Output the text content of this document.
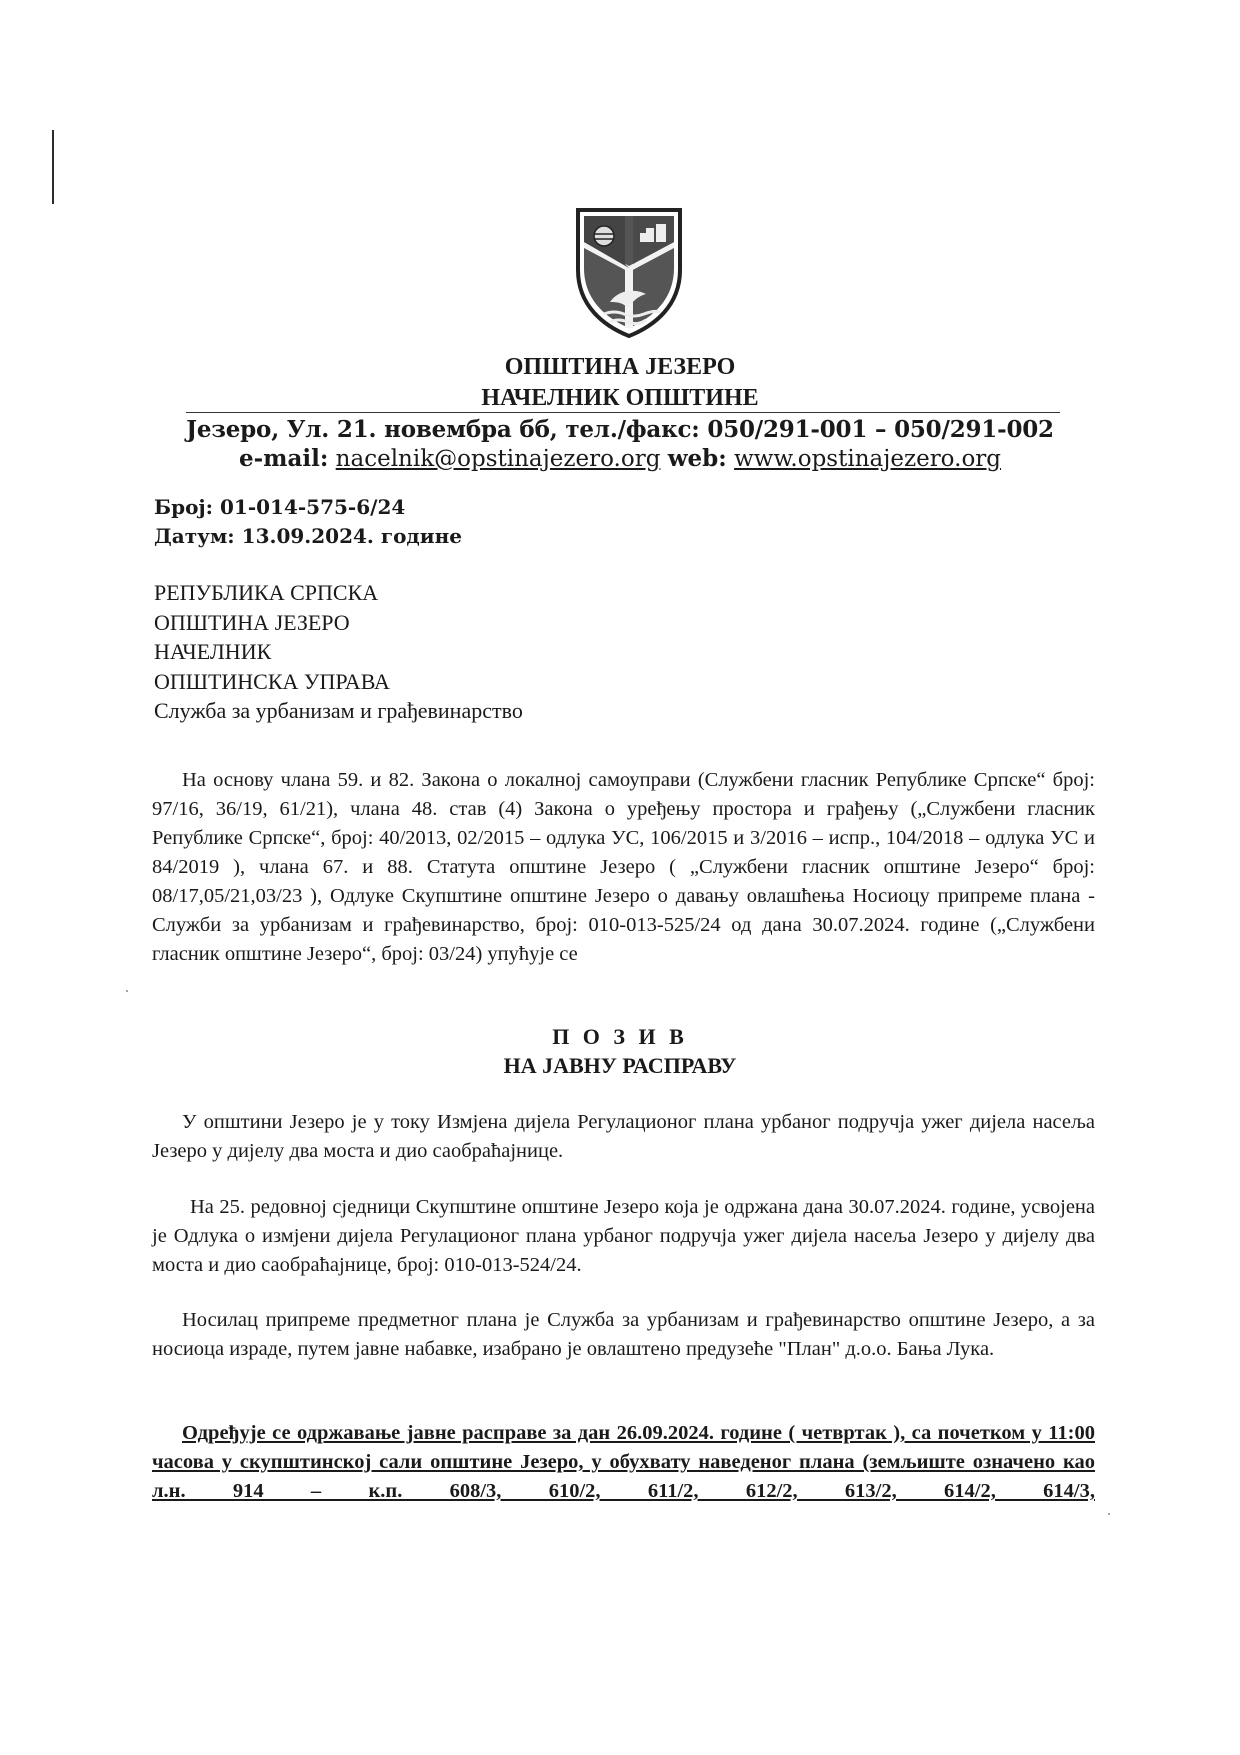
ОПШТИНА ЈЕЗЕРО
НАЧЕЛНИК ОПШТИНЕ
Језеро, Ул. 21. новембра бб, тел./факс: 050/291-001 – 050/291-002
e-mail: nacelnik@opstinajezero.org web: www.opstinajezero.org
Број: 01-014-575-6/24
Датум: 13.09.2024. године
РЕПУБЛИКА СРПСКА
ОПШТИНА ЈЕЗЕРО
НАЧЕЛНИК
ОПШТИНСКА УПРАВА
Служба за урбанизам и грађевинарство
На основу члана 59. и 82. Закона о локалној самоуправи (Службени гласник Републике Српске“ број: 97/16, 36/19, 61/21), члана 48. став (4) Закона о уређењу простора и грађењу („Службени гласник Републике Српске“, број: 40/2013, 02/2015 – одлука УС, 106/2015 и 3/2016 – испр., 104/2018 – одлука УС и 84/2019 ), члана 67. и 88. Статута општине Језеро ( „Службени гласник општине Језеро“ број: 08/17,05/21,03/23 ), Одлуке Скупштине општине Језеро о давању овлашћења Носиоцу припреме плана - Служби за урбанизам и грађевинарство, број: 010-013-525/24 од дана 30.07.2024. године („Службени гласник општине Језеро“, број: 03/24) упућује се
П О З И В
НА ЈАВНУ РАСПРАВУ
У општини Језеро је у току Измјена дијела Регулационог плана урбаног подручја ужег дијела насеља Језеро у дијелу два моста и дио саобраћајнице.
На 25. редовној сједници Скупштине општине Језеро која је одржана дана 30.07.2024. године, усвојена је Одлука о измјени дијела Регулационог плана урбаног подручја ужег дијела насеља Језеро у дијелу два моста и дио саобраћајнице, број: 010-013-524/24.
Носилац припреме предметног плана је Служба за урбанизам и грађевинарство општине Језеро, а за носиоца израде, путем јавне набавке, изабрано је овлаштено предузеће "План" д.о.о. Бања Лука.
Одређује се одржавање јавне расправе за дан 26.09.2024. године ( четвртак ), са почетком у 11:00 часова у скупштинској сали општине Језеро, у обухвату наведеног плана (земљиште означено као л.н. 914 – к.п. 608/3, 610/2, 611/2, 612/2, 613/2, 614/2, 614/3,
